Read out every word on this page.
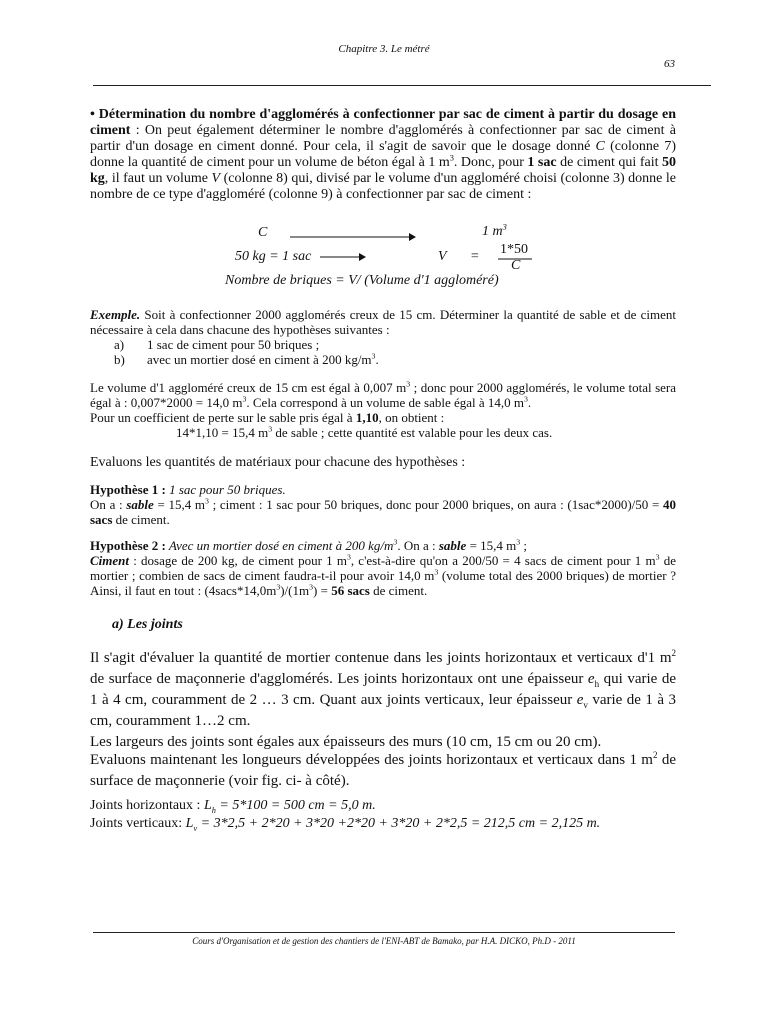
Chapitre 3. Le métré
63
• Détermination du nombre d'agglomérés à confectionner par sac de ciment à partir du dosage en ciment : On peut également déterminer le nombre d'agglomérés à confectionner par sac de ciment à partir d'un dosage en ciment donné. Pour cela, il s'agit de savoir que le dosage donné C (colonne 7) donne la quantité de ciment pour un volume de béton égal à 1 $m^3$. Donc, pour 1 sac de ciment qui fait 50 kg, il faut un volume V (colonne 8) qui, divisé par le volume d'un aggloméré choisi (colonne 3) donne le nombre de ce type d'aggloméré (colonne 9) à confectionner par sac de ciment :
C	1 $m^3$
50 kg = 1 sac	V = 1*50
C
Nombre de briques = V/ (Volume d'1 aggloméré)
Exemple. Soit à confectionner 2000 agglomérés creux de 15 cm. Déterminer la quantité de sable et de ciment nécessaire à cela dans chacune des hypothèses suivantes :
a) 1 sac de ciment pour 50 briques ;
b) avec un mortier dosé en ciment à 200 $kg/m^3$.
Le volume d'1 aggloméré creux de 15 cm est égal à 0,007 $m^3$ ; donc pour 2000 agglomérés, le volume total sera égal à : 0,007*2000 = 14,0 $m^3$. Cela correspond à un volume de sable égal à 14,0 $m^3$.
Pour un coefficient de perte sur le sable pris égal à 1,10, on obtient :
14*1,10 = 15,4 $m^3$ de sable ; cette quantité est valable pour les deux cas.
Evaluons les quantités de matériaux pour chacune des hypothèses :
Hypothèse 1 : 1 sac pour 50 briques.
On a : sable = 15,4 $m^3$ ; ciment : 1 sac pour 50 briques, donc pour 2000 briques, on aura : (1sac*2000)/50 = 40 sacs de ciment.
Hypothèse 2 : Avec un mortier dosé en ciment à 200 $kg/m^3$. On a : sable = 15,4 $m^3$ ;
Ciment : dosage de 200 kg, de ciment pour 1 $m^3$, c'est-à-dire qu'on a 200/50 = 4 sacs de ciment pour 1 $m^3$ de mortier ; combien de sacs de ciment faudra-t-il pour avoir 14,0 $m^3$ (volume total des 2000 briques) de mortier ? Ainsi, il faut en tout : $(4sacs*14,0m^3)/(1m^3) = 56$ sacs de ciment.
a) Les joints
Il s'agit d'évaluer la quantité de mortier contenue dans les joints horizontaux et verticaux d'1 $m^2$ de surface de maçonnerie d'agglomérés. Les joints horizontaux ont une épaisseur $e_h$ qui varie de 1 à 4 cm, couramment de 2 … 3 cm. Quant aux joints verticaux, leur épaisseur $e_v$ varie de 1 à 3 cm, couramment 1…2 cm.
Les largeurs des joints sont égales aux épaisseurs des murs (10 cm, 15 cm ou 20 cm).
Evaluons maintenant les longueurs développées des joints horizontaux et verticaux dans 1 $m^2$ de surface de maçonnerie (voir fig. ci- à côté).
Joints horizontaux : $L_h = 5*100 = 500$ cm = 5,0 m.
Joints verticaux: $L_v = 3*2,5 + 2*20 + 3*20 +2*20 + 3*20 + 2*2,5 = 212,5$ cm = 2,125 m.
Cours d'Organisation et de gestion des chantiers de l'ENI-ABT de Bamako, par H.A. DICKO, Ph.D - 2011
